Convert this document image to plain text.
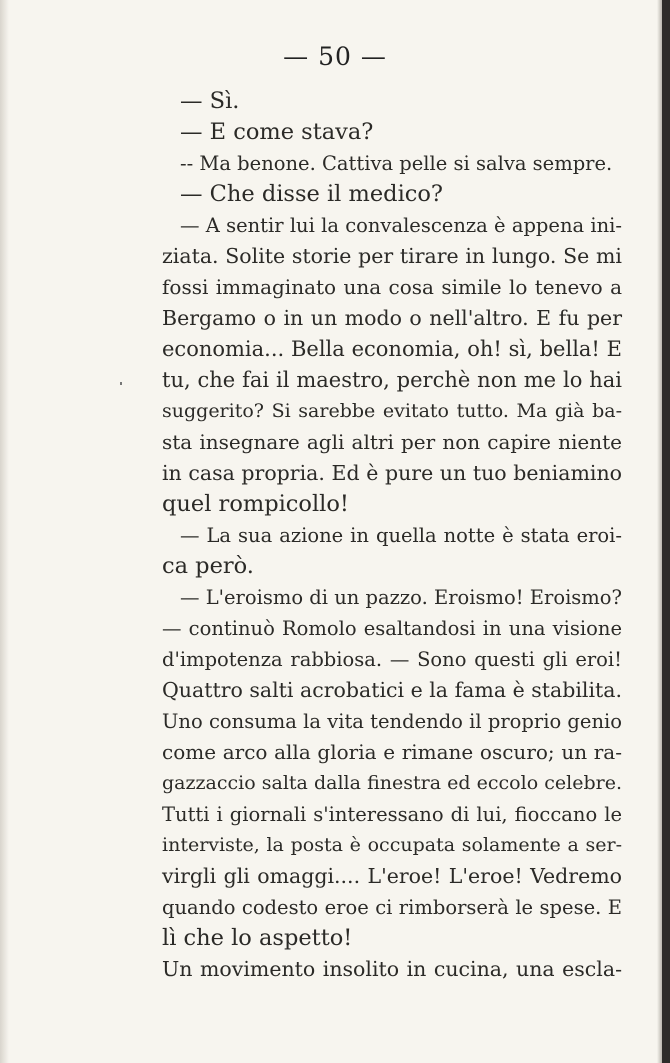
— 50 —
— Sì.
— E come stava?
-- Ma benone. Cattiva pelle si salva sempre.
— Che disse il medico?
— A sentir lui la convalescenza è appena ini-
ziata. Solite storie per tirare in lungo. Se mi
fossi immaginato una cosa simile lo tenevo a
Bergamo o in un modo o nell'altro. E fu per
economia... Bella economia, oh! sì, bella! E
tu, che fai il maestro, perchè non me lo hai
suggerito? Si sarebbe evitato tutto. Ma già ba-
sta insegnare agli altri per non capire niente
in casa propria. Ed è pure un tuo beniamino
quel rompicollo!
— La sua azione in quella notte è stata eroi-
ca però.
— L'eroismo di un pazzo. Eroismo! Eroismo?
— continuò Romolo esaltandosi in una visione
d'impotenza rabbiosa. — Sono questi gli eroi!
Quattro salti acrobatici e la fama è stabilita.
Uno consuma la vita tendendo il proprio genio
come arco alla gloria e rimane oscuro; un ra-
gazzaccio salta dalla finestra ed eccolo celebre.
Tutti i giornali s'interessano di lui, fioccano le
interviste, la posta è occupata solamente a ser-
virgli gli omaggi.... L'eroe! L'eroe! Vedremo
quando codesto eroe ci rimborserà le spese. E
lì che lo aspetto!
Un movimento insolito in cucina, una escla-
